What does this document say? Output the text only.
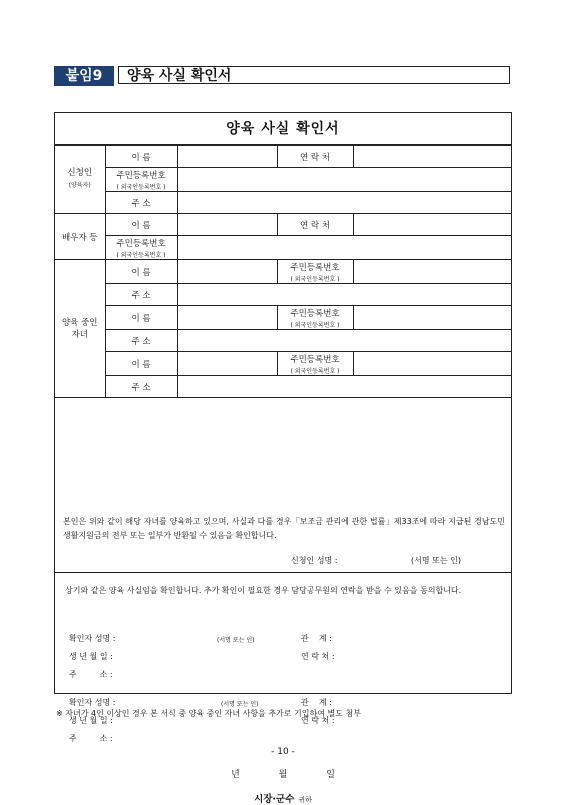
붙임9	양육 사실 확인서
양육 사실 확인서
신청인
(양육자)	이 름		연 락 처	
	주민등록번호
( 외국인등록번호 )			

	주 소			
배우자 등	이 름		연 락 처	
	주민등록번호
( 외국인등록번호 )			

양육 중인
자녀	이 름		주민등록번호
( 외국인등록번호 )	

	주 소			
	이 름		주민등록번호
( 외국인등록번호 )	

	주 소			
	이 름		주민등록번호
( 외국인등록번호 )	

	주 소			
본인은 위와 같이 해당 자녀를 양육하고 있으며, 사실과 다를 경우「보조금 관리에 관한 법률」제33조에 따라 지급된 경남도민 생활지원금의 전부 또는 일부가 반환될 수 있음을 확인합니다.
신청인 성명 :	(서명 또는 인)
상기와 같은 양육 사실임을 확인합니다. 추가 확인이 필요한 경우 담당공무원의 연락을 받을 수 있음을 동의합니다.
확인자 성명 :	(서명 또는 인)	관    계 :
생 년 월 일 :	연 락 처 :
주         소 :
확인자 성명 :	(서명 또는 인)	관    계 :
생 년 월 일 :	연 락 처 :
주         소 :
년 월 일
시장·군수 귀하
※ 자녀가 4인 이상인 경우 본 서식 중 양육 중인 자녀 사항을 추가로 기입하여 별도 첨부
- 10 -
